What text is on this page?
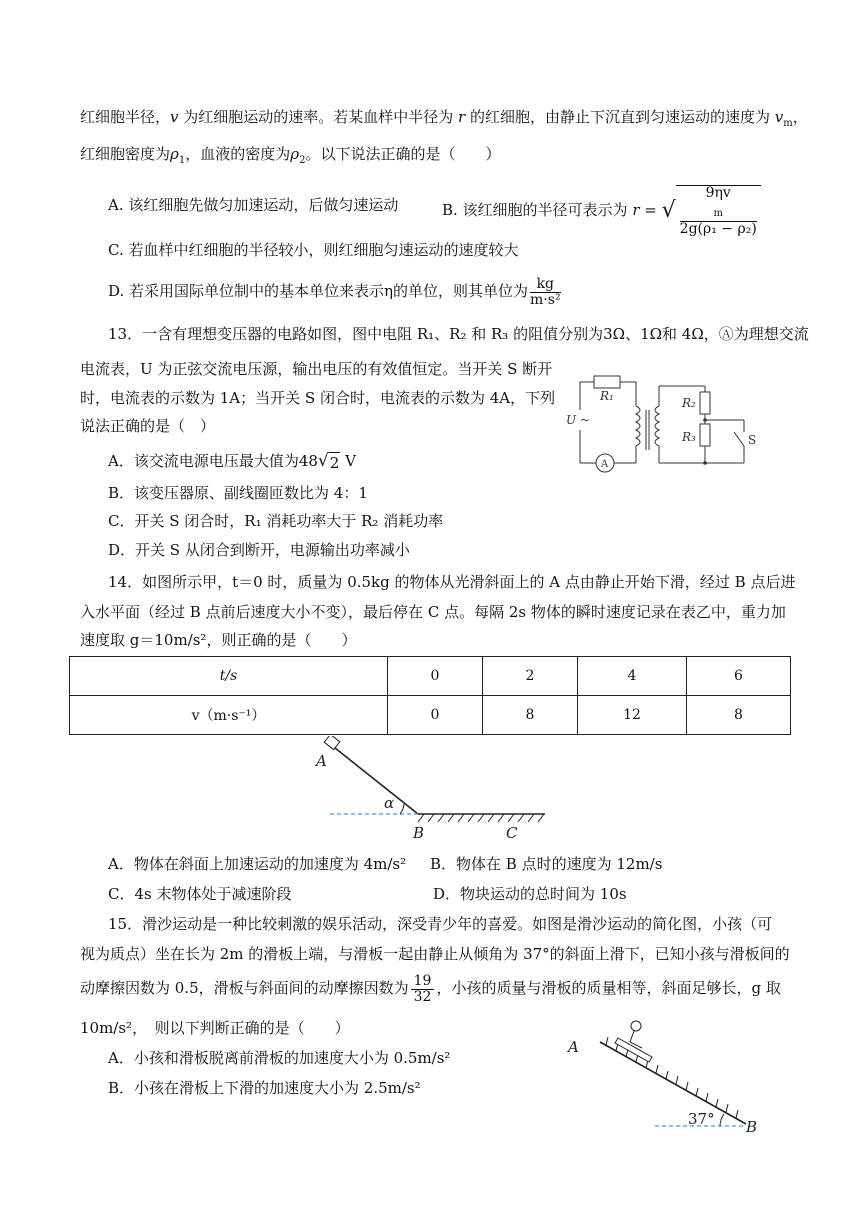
红细胞半径，v 为红细胞运动的速率。若某血样中半径为 r 的红细胞，由静止下沉直到匀速运动的速度为 $v_m$，
红细胞密度为$\rho_1$，血液的密度为$\rho_2$。以下说法正确的是（　　）
A. 该红细胞先做匀加速运动，后做匀速运动	B. 该红细胞的半径可表示为 r = √ 9ηv
$_m$
2g(ρ₁ − ρ₂)
C. 若血样中红细胞的半径较小，则红细胞匀速运动的速度较大
D. 若采用国际单位制中的基本单位来表示η的单位，则其单位为 $\frac{kg}{\text{m·s²}}$
13．一含有理想变压器的电路如图，图中电阻 R₁、R₂ 和 R₃ 的阻值分别为3Ω、1Ω和 4Ω，Ⓐ为理想交流
电流表，U 为正弦交流电压源，输出电压的有效值恒定。当开关 S 断开
时，电流表的示数为 1A；当开关 S 闭合时，电流表的示数为 4A，下列
说法正确的是（　）
A．该交流电源电压最大值为48√2 V
B．该变压器原、副线圈匝数比为 4：1
C．开关 S 闭合时，R₁ 消耗功率大于 R₂ 消耗功率
D．开关 S 从闭合到断开，电源输出功率减小
U ~
R₁	R₂
R₃	S
A
14．如图所示甲，t＝0 时，质量为 0.5kg 的物体从光滑斜面上的 A 点由静止开始下滑，经过 B 点后进
入水平面（经过 B 点前后速度大小不变），最后停在 C 点。每隔 2s 物体的瞬时速度记录在表乙中，重力加
速度取 g＝10m/s²，则正确的是（　　）
t/s	0	2	4	6
v（m·s⁻¹）	0	8	12	8
A
B	C
α
A．物体在斜面上加速运动的加速度为 4m/s² B．物体在 B 点时的速度为 12m/s
C．4s 末物体处于减速阶段	D．物块运动的总时间为 10s
15．滑沙运动是一种比较刺激的娱乐活动，深受青少年的喜爱。如图是滑沙运动的简化图，小孩（可
视为质点）坐在长为 2m 的滑板上端，与滑板一起由静止从倾角为 37°的斜面上滑下，已知小孩与滑板间的
动摩擦因数为 0.5，滑板与斜面间的动摩擦因数为 $\frac{19}{32}$ ，小孩的质量与滑板的质量相等，斜面足够长，g 取
10m/s²，　则以下判断正确的是（　　）
A．小孩和滑板脱离前滑板的加速度大小为 0.5m/s²
B．小孩在滑板上下滑的加速度大小为 2.5m/s²
A
B
37°
